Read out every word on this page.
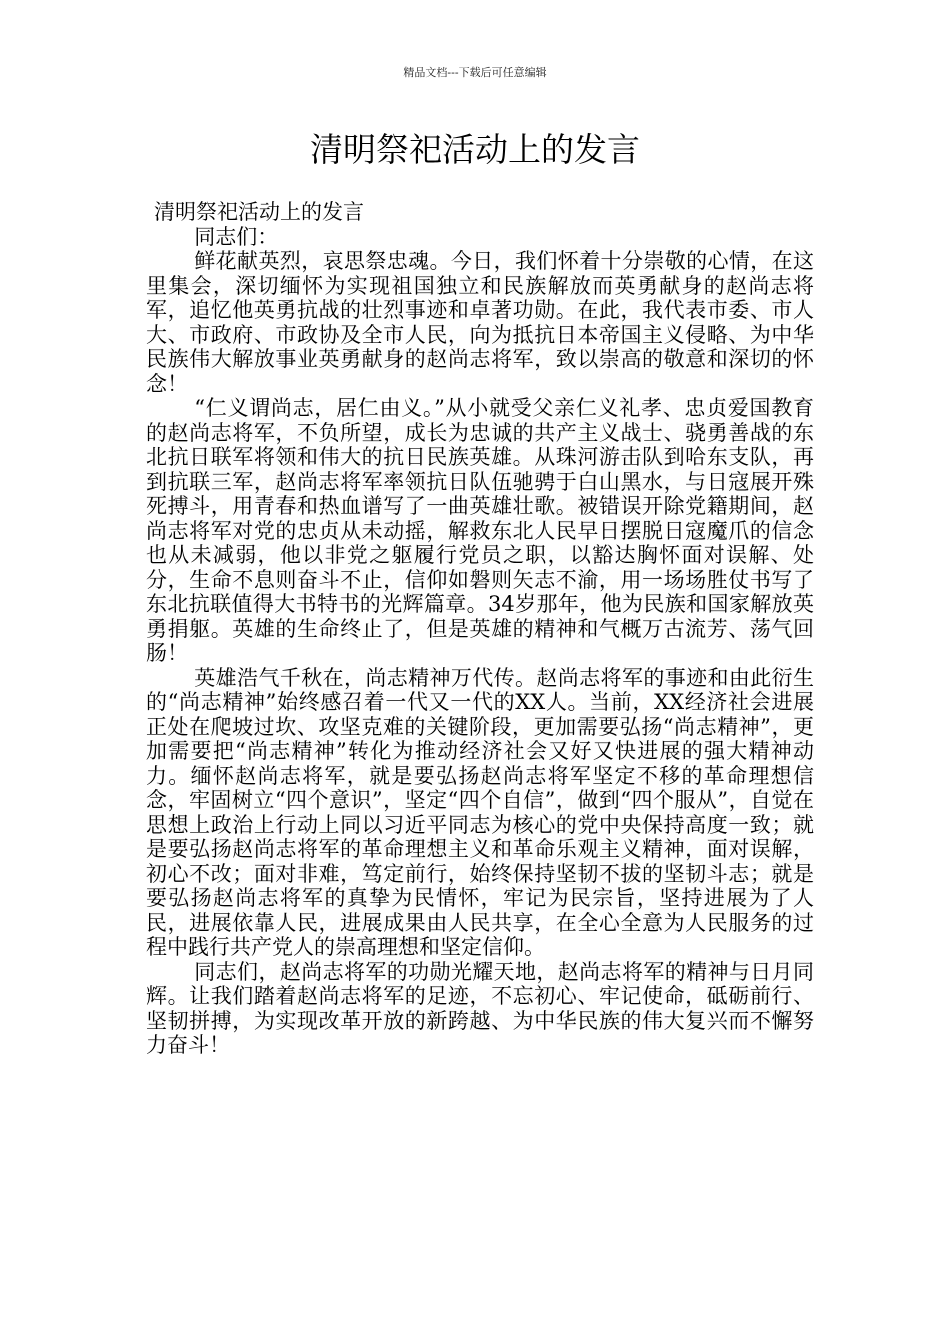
精品文档---下载后可任意编辑
清明祭祀活动上的发言

清明祭祀活动上的发言

同志们：

鲜花献英烈，哀思祭忠魂。今日，我们怀着十分崇敬的心情，在这里集会，深切缅怀为实现祖国独立和民族解放而英勇献身的赵尚志将军，追忆他英勇抗战的壮烈事迹和卓著功勋。在此，我代表市委、市人大、市政府、市政协及全市人民，向为抵抗日本帝国主义侵略、为中华民族伟大解放事业英勇献身的赵尚志将军，致以崇高的敬意和深切的怀念！

“仁义谓尚志，居仁由义。”从小就受父亲仁义礼孝、忠贞爱国教育的赵尚志将军，不负所望，成长为忠诚的共产主义战士、骁勇善战的东北抗日联军将领和伟大的抗日民族英雄。从珠河游击队到哈东支队，再到抗联三军，赵尚志将军率领抗日队伍驰骋于白山黑水，与日寇展开殊死搏斗，用青春和热血谱写了一曲英雄壮歌。被错误开除党籍期间，赵尚志将军对党的忠贞从未动摇，解救东北人民早日摆脱日寇魔爪的信念也从未减弱，他以非党之躯履行党员之职，以豁达胸怀面对误解、处分，生命不息则奋斗不止，信仰如磐则矢志不渝，用一场场胜仗书写了东北抗联值得大书特书的光辉篇章。34岁那年，他为民族和国家解放英勇捐躯。英雄的生命终止了，但是英雄的精神和气概万古流芳、荡气回肠！

英雄浩气千秋在，尚志精神万代传。赵尚志将军的事迹和由此衍生的“尚志精神”始终感召着一代又一代的XX人。当前，XX经济社会进展正处在爬坡过坎、攻坚克难的关键阶段，更加需要弘扬“尚志精神”，更加需要把“尚志精神”转化为推动经济社会又好又快进展的强大精神动力。缅怀赵尚志将军，就是要弘扬赵尚志将军坚定不移的革命理想信念，牢固树立“四个意识”，坚定“四个自信”，做到“四个服从”，自觉在思想上政治上行动上同以习近平同志为核心的党中央保持高度一致；就是要弘扬赵尚志将军的革命理想主义和革命乐观主义精神，面对误解，初心不改；面对非难，笃定前行，始终保持坚韧不拔的坚韧斗志；就是要弘扬赵尚志将军的真挚为民情怀，牢记为民宗旨，坚持进展为了人民，进展依靠人民，进展成果由人民共享，在全心全意为人民服务的过程中践行共产党人的崇高理想和坚定信仰。

同志们，赵尚志将军的功勋光耀天地，赵尚志将军的精神与日月同辉。让我们踏着赵尚志将军的足迹，不忘初心、牢记使命，砥砺前行、坚韧拼搏，为实现改革开放的新跨越、为中华民族的伟大复兴而不懈努力奋斗！
